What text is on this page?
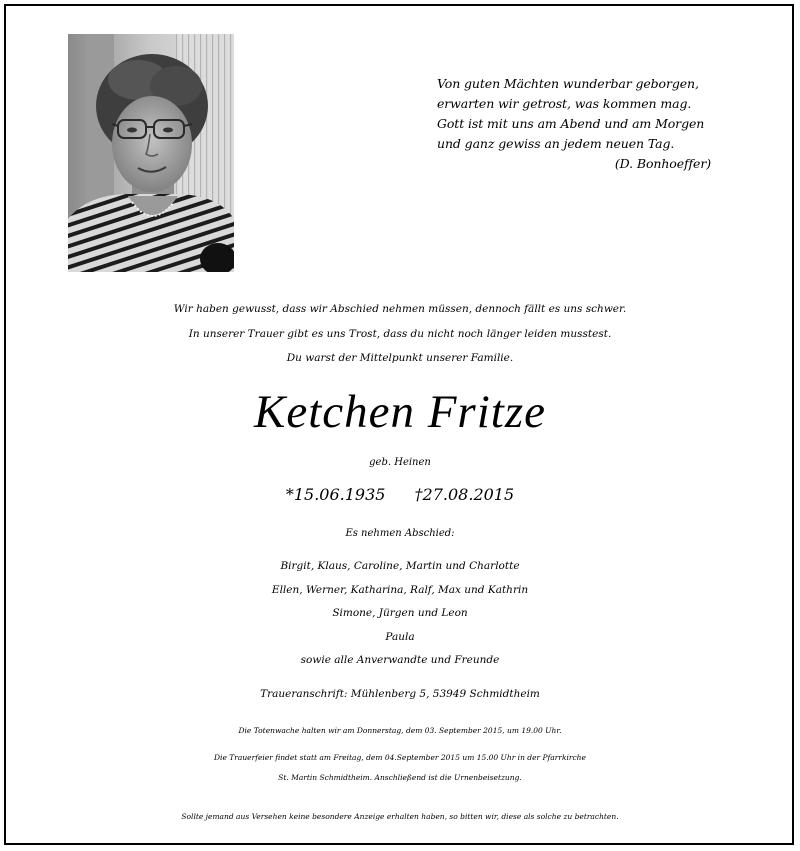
Von guten Mächten wunderbar geborgen,
erwarten wir getrost, was kommen mag.
Gott ist mit uns am Abend und am Morgen
und ganz gewiss an jedem neuen Tag.
(D. Bonhoeffer)
Wir haben gewusst, dass wir Abschied nehmen müssen, dennoch fällt es uns schwer.
In unserer Trauer gibt es uns Trost, dass du nicht noch länger leiden musstest.
Du warst der Mittelpunkt unserer Familie.
Ketchen Fritze
geb. Heinen
*15.06.1935 †27.08.2015
Es nehmen Abschied:
Birgit, Klaus, Caroline, Martin und Charlotte
Ellen, Werner, Katharina, Ralf, Max und Kathrin
Simone, Jürgen und Leon
Paula
sowie alle Anverwandte und Freunde
Traueranschrift: Mühlenberg 5, 53949 Schmidtheim
Die Totenwache halten wir am Donnerstag, dem 03. September 2015, um 19.00 Uhr.
Die Trauerfeier findet statt am Freitag, dem 04.September 2015 um 15.00 Uhr in der Pfarrkirche
St. Martin Schmidtheim. Anschließend ist die Urnenbeisetzung.
Sollte jemand aus Versehen keine besondere Anzeige erhalten haben, so bitten wir, diese als solche zu betrachten.
